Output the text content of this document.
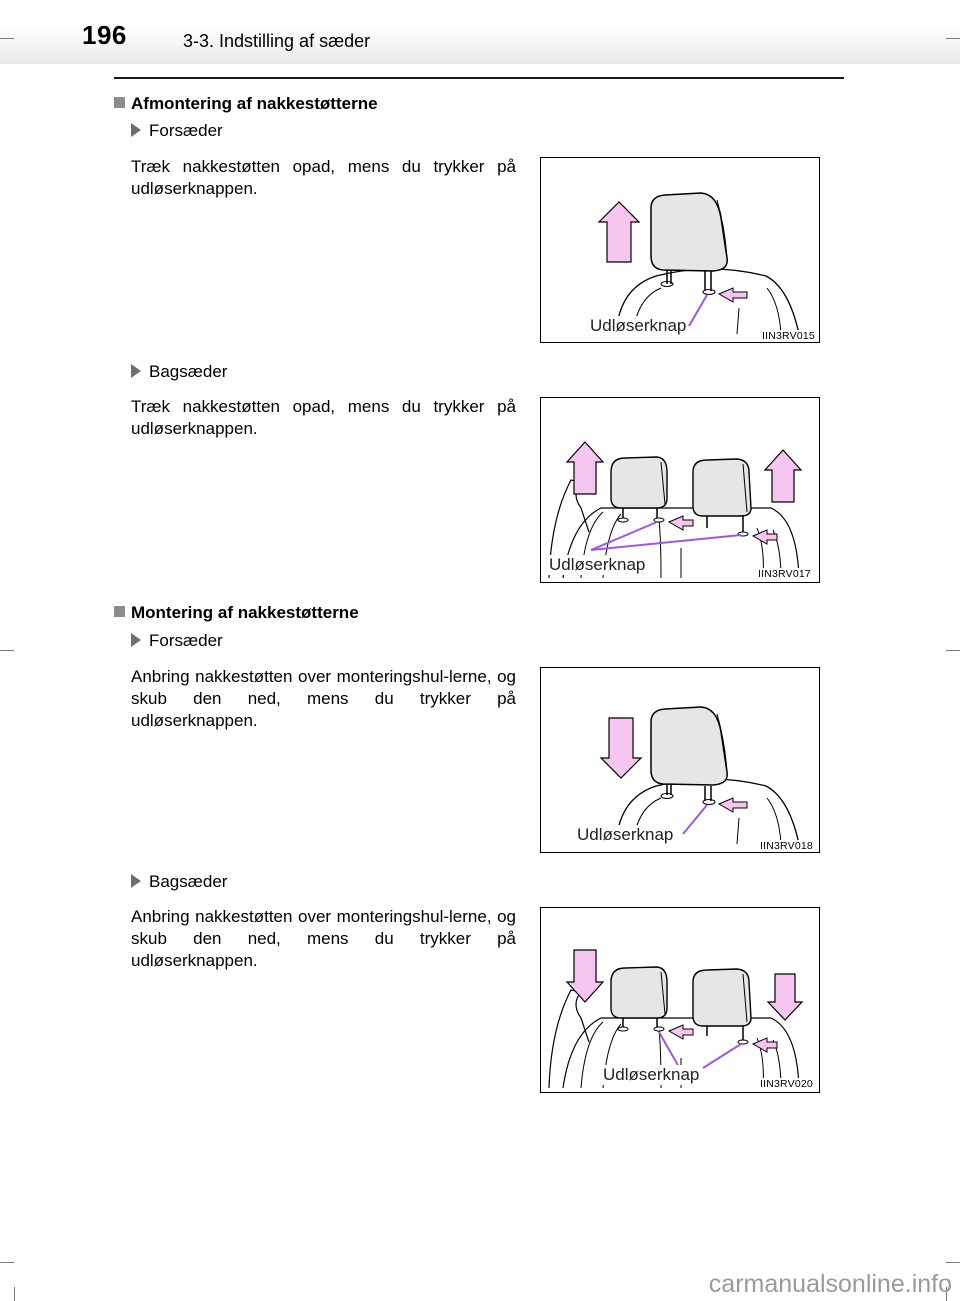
196	3-3. Indstilling af sæder
Afmontering af nakkestøtterne
Forsæder
Træk nakkestøtten opad, mens du trykker på udløserknappen.
Udløserknap
IIN3RV015
Bagsæder
Træk nakkestøtten opad, mens du trykker på udløserknappen.
Udløserknap	IIN3RV017
Montering af nakkestøtterne
Forsæder
Anbring nakkestøtten over monteringshul-lerne, og skub den ned, mens du trykker på udløserknappen.
Udløserknap
IIN3RV018
Bagsæder
Anbring nakkestøtten over monteringshul-lerne, og skub den ned, mens du trykker på udløserknappen.
Udløserknap	IIN3RV020
carmanualsonline.info
